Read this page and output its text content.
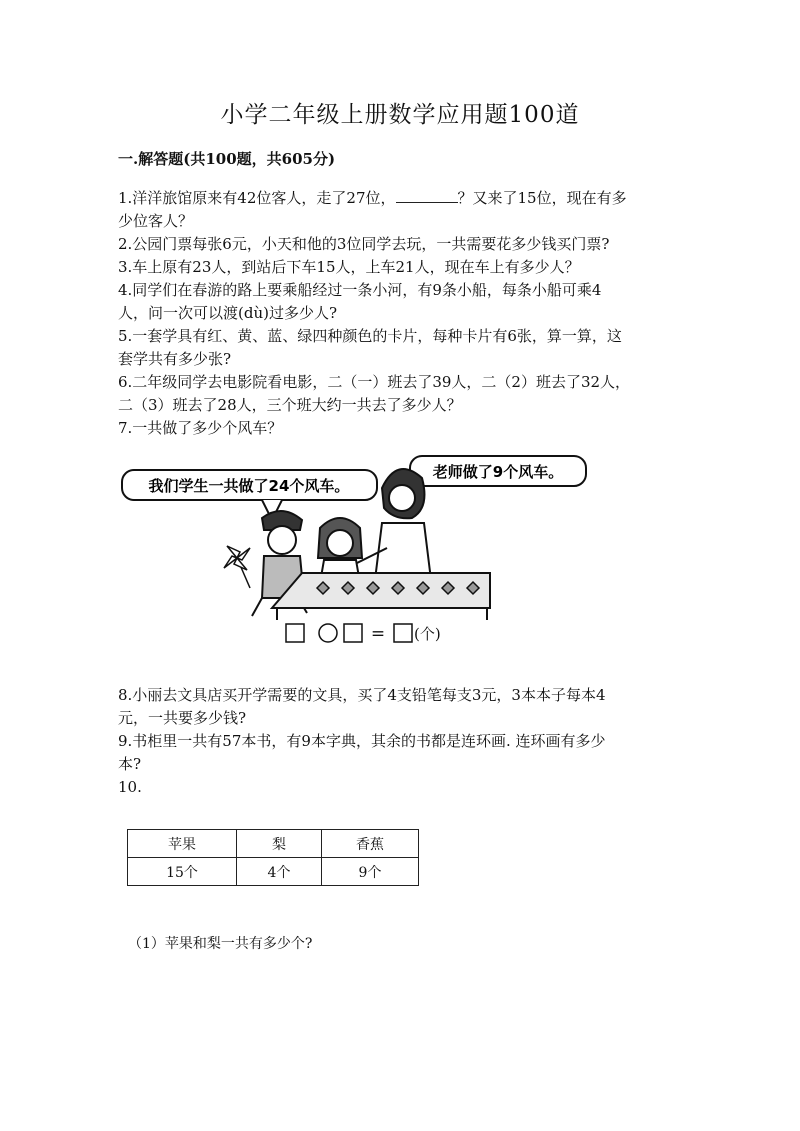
小学二年级上册数学应用题100道
一.解答题(共100题，共605分)
1.洋洋旅馆原来有42位客人，走了27位，	？又来了15位，现在有多
少位客人？
2.公园门票每张6元，小天和他的3位同学去玩，一共需要花多少钱买门票?
3.车上原有23人，到站后下车15人，上车21人，现在车上有多少人？
4.同学们在春游的路上要乘船经过一条小河，有9条小船，每条小船可乘4
人，问一次可以渡(dù)过多少人?
5.一套学具有红、黄、蓝、绿四种颜色的卡片，每种卡片有6张，算一算，这
套学共有多少张?
6.二年级同学去电影院看电影，二（一）班去了39人，二（2）班去了32人，
二（3）班去了28人，三个班大约一共去了多少人？
7.一共做了多少个风车？
我们学生一共做了24个风车。
老师做了9个风车。
= (个)
8.小丽去文具店买开学需要的文具，买了4支铅笔每支3元，3本本子每本4
元，一共要多少钱?
9.书柜里一共有57本书，有9本字典，其余的书都是连环画. 连环画有多少
本?
10.
苹果	梨	香蕉
15个	4个	9个
（1）苹果和梨一共有多少个?
